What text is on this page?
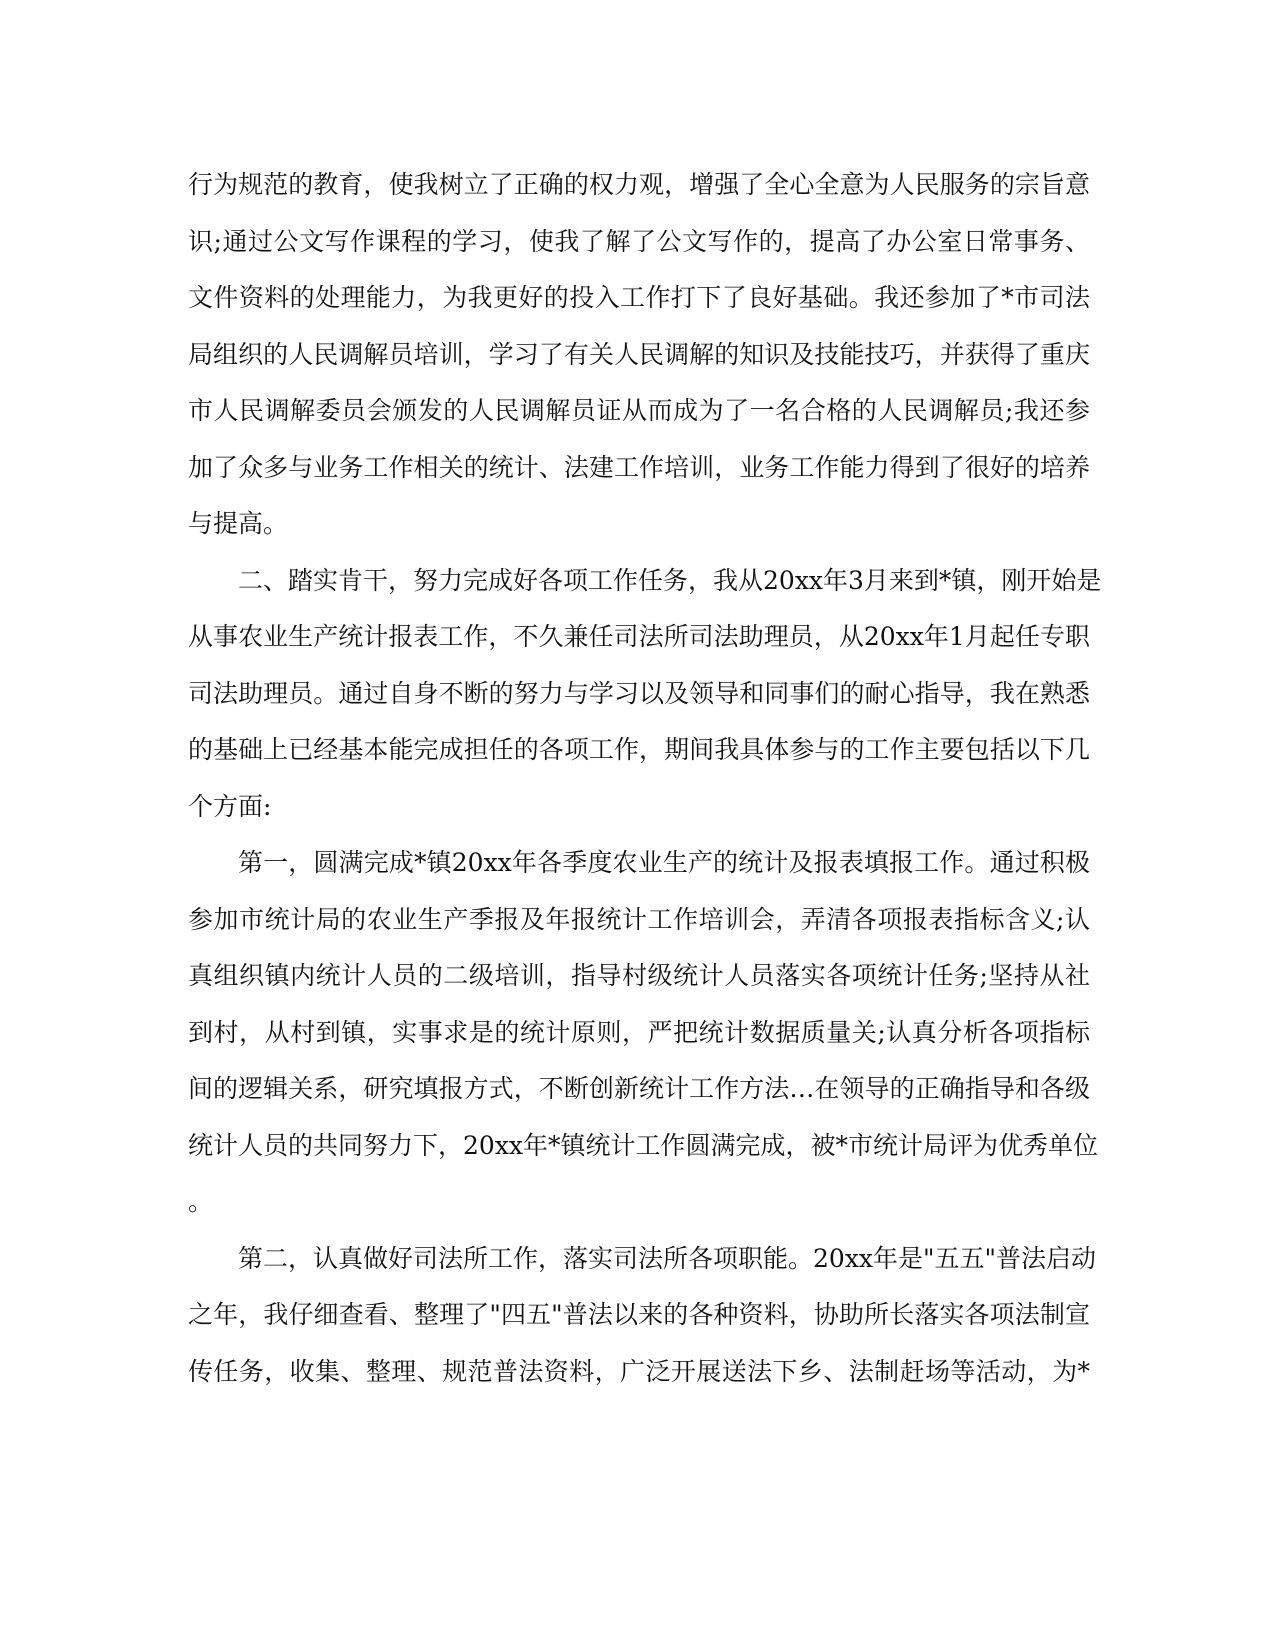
行为规范的教育，使我树立了正确的权力观，增强了全心全意为人民服务的宗旨意
识;通过公文写作课程的学习，使我了解了公文写作的，提高了办公室日常事务、
文件资料的处理能力，为我更好的投入工作打下了良好基础。我还参加了*市司法
局组织的人民调解员培训，学习了有关人民调解的知识及技能技巧，并获得了重庆
市人民调解委员会颁发的人民调解员证从而成为了一名合格的人民调解员;我还参
加了众多与业务工作相关的统计、法建工作培训，业务工作能力得到了很好的培养
与提高。
二、踏实肯干，努力完成好各项工作任务，我从20xx年3月来到*镇，刚开始是
从事农业生产统计报表工作，不久兼任司法所司法助理员，从20xx年1月起任专职
司法助理员。通过自身不断的努力与学习以及领导和同事们的耐心指导，我在熟悉
的基础上已经基本能完成担任的各项工作，期间我具体参与的工作主要包括以下几
个方面:
第一，圆满完成*镇20xx年各季度农业生产的统计及报表填报工作。通过积极
参加市统计局的农业生产季报及年报统计工作培训会，弄清各项报表指标含义;认
真组织镇内统计人员的二级培训，指导村级统计人员落实各项统计任务;坚持从社
到村，从村到镇，实事求是的统计原则，严把统计数据质量关;认真分析各项指标
间的逻辑关系，研究填报方式，不断创新统计工作方法…在领导的正确指导和各级
统计人员的共同努力下，20xx年*镇统计工作圆满完成，被*市统计局评为优秀单位
。
第二，认真做好司法所工作，落实司法所各项职能。20xx年是"五五"普法启动
之年，我仔细查看、整理了"四五"普法以来的各种资料，协助所长落实各项法制宣
传任务，收集、整理、规范普法资料，广泛开展送法下乡、法制赶场等活动，为*
